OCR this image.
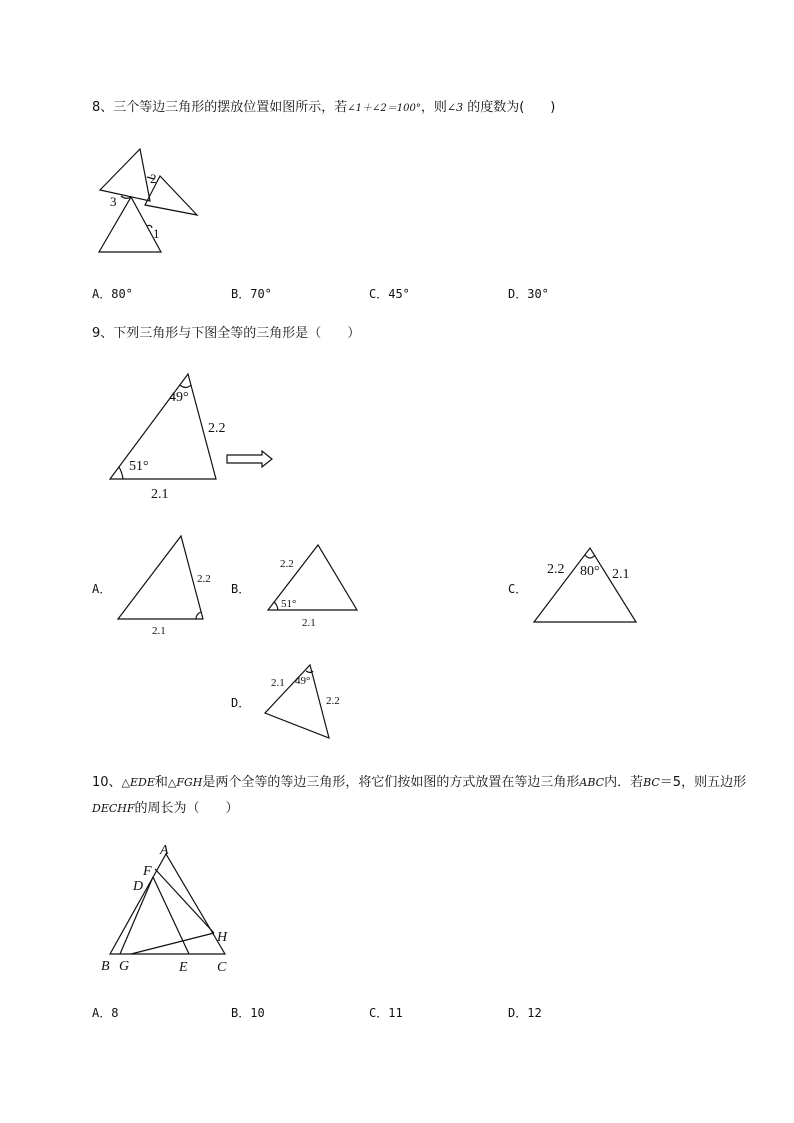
8、三个等边三角形的摆放位置如图所示，若∠1＋∠2＝100°，则∠3 的度数为(　　)
2
3
1
A．80°	B．70°	C．45°	D．30°
9、下列三角形与下图全等的三角形是（　　）
49°
2.2
51°
2.1
A．
2.2
2.1
B．
2.2
51°
2.1
C．
2.2 80° 2.1
D．
2.1 49°
2.2
10、△EDE和△FGH是两个全等的等边三角形，将它们按如图的方式放置在等边三角形ABC内．若BC＝5，则五边形DECHF的周长为（　　）
A
F
D
H
B G	E C
A．8	B．10	C．11	D．12
